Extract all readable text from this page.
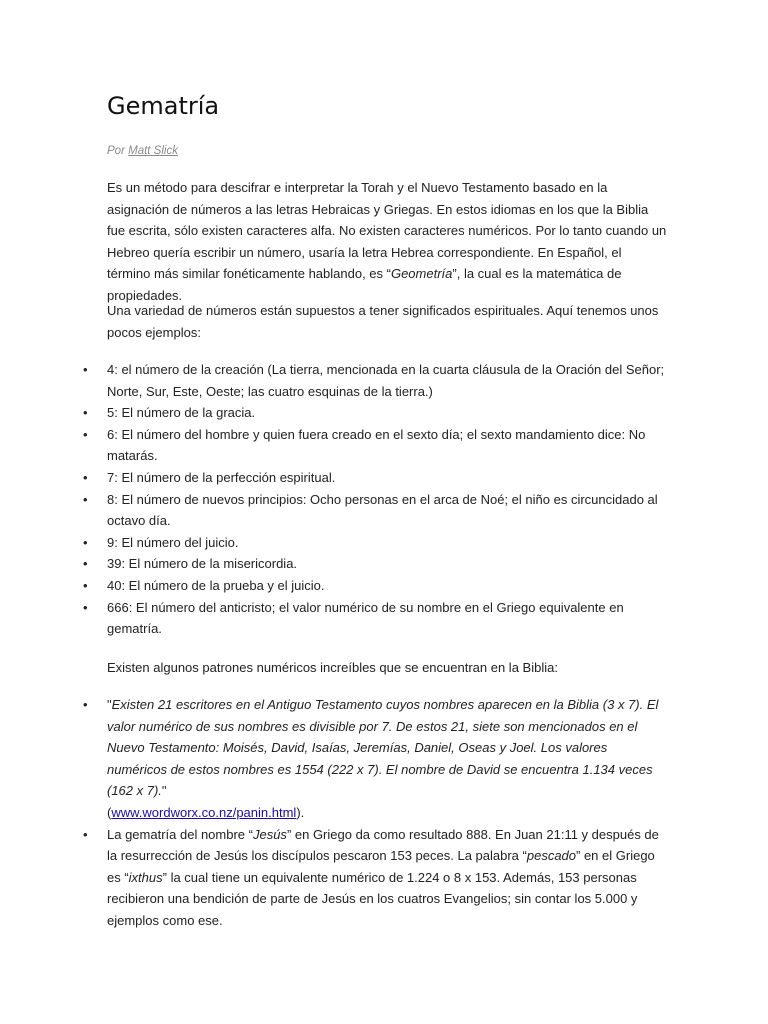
Gematría
Por Matt Slick

Es un método para descifrar e interpretar la Torah y el Nuevo Testamento basado en la asignación de números a las letras Hebraicas y Griegas. En estos idiomas en los que la Biblia fue escrita, sólo existen caracteres alfa. No existen caracteres numéricos. Por lo tanto cuando un Hebreo quería escribir un número, usaría la letra Hebrea correspondiente. En Español, el término más similar fonéticamente hablando, es “Geometría”, la cual es la matemática de propiedades.

Una variedad de números están supuestos a tener significados espirituales. Aquí tenemos unos pocos ejemplos:

• 4: el número de la creación (La tierra, mencionada en la cuarta cláusula de la Oración del Señor; Norte, Sur, Este, Oeste; las cuatro esquinas de la tierra.)
• 5: El número de la gracia.
• 6: El número del hombre y quien fuera creado en el sexto día; el sexto mandamiento dice: No matarás.
• 7: El número de la perfección espiritual.
• 8: El número de nuevos principios: Ocho personas en el arca de Noé; el niño es circuncidado al octavo día.
• 9: El número del juicio.
• 39: El número de la misericordia.
• 40: El número de la prueba y el juicio.
• 666: El número del anticristo; el valor numérico de su nombre en el Griego equivalente en gematría.

Existen algunos patrones numéricos increíbles que se encuentran en la Biblia:

• "Existen 21 escritores en el Antiguo Testamento cuyos nombres aparecen en la Biblia (3 x 7). El valor numérico de sus nombres es divisible por 7. De estos 21, siete son mencionados en el Nuevo Testamento: Moisés, David, Isaías, Jeremías, Daniel, Oseas y Joel. Los valores numéricos de estos nombres es 1554 (222 x 7). El nombre de David se encuentra 1.134 veces (162 x 7)."
(www.wordworx.co.nz/panin.html).
• La gematría del nombre “Jesús” en Griego da como resultado 888. En Juan 21:11 y después de la resurrección de Jesús los discípulos pescaron 153 peces. La palabra “pescado” en el Griego es “ixthus” la cual tiene un equivalente numérico de 1.224 o 8 x 153. Además, 153 personas recibieron una bendición de parte de Jesús en los cuatros Evangelios; sin contar los 5.000 y ejemplos como ese.
